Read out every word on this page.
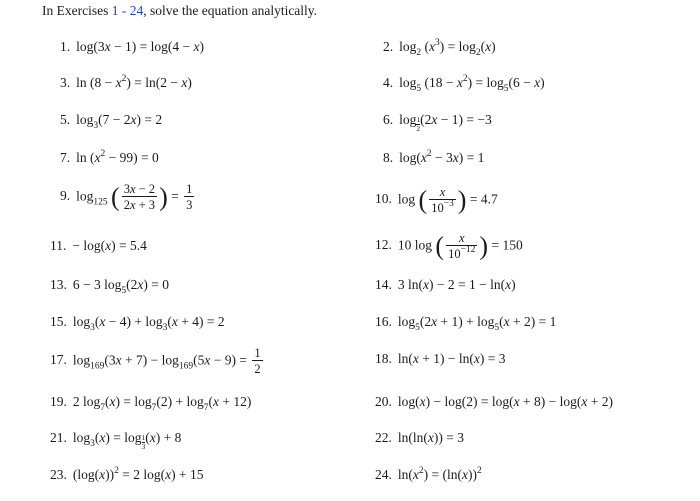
In Exercises 1 - 24, solve the equation analytically.
1. log(3x − 1) = log(4 − x)
3. $\ln (8 - x^2) = \ln(2 - x)$
5. $\log_3(7 - 2x) = 2$
7. $\ln (x^2 - 99) = 0$
9. $\log_{125}$ ( $\frac{3x - 2}{2x + 3}$ ) = $\frac{1}{3}$
11. − log(x) = 5.4
13. 6 − 3 $\log_5(2x) = 0$
15. $\log_3(x - 4) + \log_3(x + 4) = 2$
17. $\log_{169}(3x + 7) - \log_{169}(5x - 9) = \frac{1}{2}$
19. 2 $\log_7(x) = \log_7(2) + \log_7(x + 12)$
21. $\log_3(x) = \log \frac{1}{3} (x) + 8$
23. $(\log(x))^2 = 2$ log(x) + 15
2. $\log_2 (x^3) = \log_2(x)$
4. $\log_5 (18 - x^2) = \log_5(6 - x)$
6. $\log \frac{1}{2} (2x - 1) = -3$
8. $\log(x^2 - 3x) = 1$
10. log ( $\frac{x}{10^{-3}}$ ) = 4.7
12. 10 log ( $\frac{x}{10^{-12}}$ ) = 150
14. 3 ln(x) − 2 = 1 − ln(x)
16. $\log_5(2x + 1) + \log_5(x + 2) = 1$
18. ln(x + 1) − ln(x) = 3
20. log(x) − log(2) = log(x + 8) − log(x + 2)
22. ln(ln(x)) = 3
24. $\ln(x^2) = (\ln(x))^2$
